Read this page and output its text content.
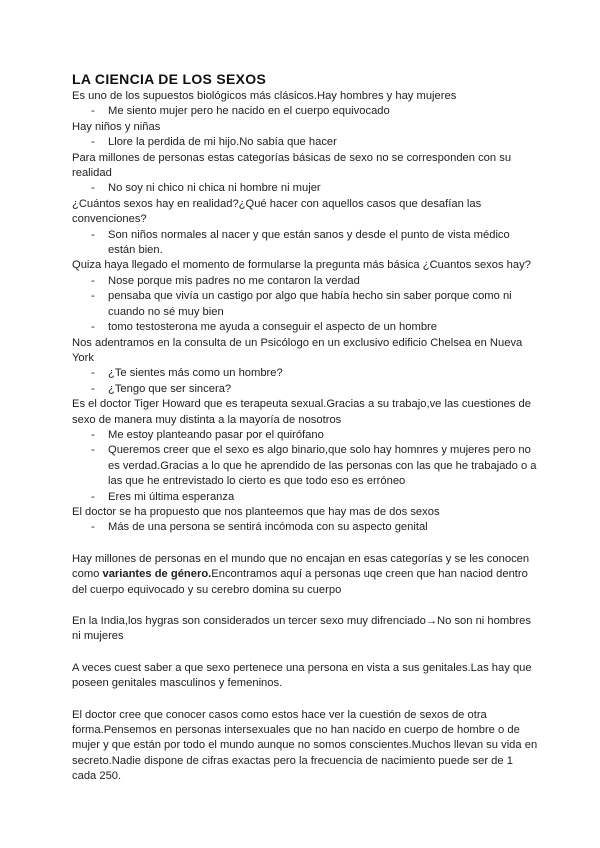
LA CIENCIA DE LOS SEXOS

Es uno de los supuestos biológicos más clásicos.Hay hombres y hay mujeres

- Me siento mujer pero he nacido en el cuerpo equivocado

Hay niños y niñas

- Llore la perdida de mi hijo.No sabía que hacer

Para millones de personas estas categorías básicas de sexo no se corresponden con su realidad

- No soy ni chico ni chica ni hombre ni mujer

¿Cuántos sexos hay en realidad?¿Qué hacer con aquellos casos que desafían las convenciones?

- Son niños normales al nacer y que están sanos y desde el punto de vista médico están bien.

Quiza haya llegado el momento de formularse la pregunta más básica ¿Cuantos sexos hay?

- Nose porque mis padres no me contaron la verdad
- pensaba que vivía un castigo por algo que había hecho sin saber porque como ni cuando no sé muy bien
- tomo testosterona me ayuda a conseguir el aspecto de un hombre

Nos adentramos en la consulta de un Psicólogo en un exclusivo edificio Chelsea en Nueva York

- ¿Te sientes más como un hombre?
- ¿Tengo que ser sincera?

Es el doctor Tiger Howard que es terapeuta sexual.Gracias a su trabajo,ve las cuestiones de sexo de manera muy distinta a la mayoría de nosotros

- Me estoy planteando pasar por el quirófano
- Queremos creer que el sexo es algo binario,que solo hay homnres y mujeres pero no es verdad.Gracias a lo que he aprendido de las personas con las que he trabajado o a las que he entrevistado lo cierto es que todo eso es erróneo
- Eres mi última esperanza

El doctor se ha propuesto que nos planteemos que hay mas de dos sexos

- Más de una persona se sentirá incómoda con su aspecto genital

Hay millones de personas en el mundo que no encajan en esas categorías y se les conocen como variantes de género.Encontramos aquí a personas uqe creen que han naciod dentro del cuerpo equivocado y su cerebro domina su cuerpo

En la India,los hygras son considerados un tercer sexo muy difrenciado→No son ni hombres ni mujeres

A veces cuest saber a que sexo pertenece una persona en vista a sus genitales.Las hay que poseen genitales masculinos y femeninos.

El doctor cree que conocer casos como estos hace ver la cuestión de sexos de otra forma.Pensemos en personas intersexuales que no han nacido en cuerpo de hombre o de mujer y que están por todo el mundo aunque no somos conscientes.Muchos llevan su vida en secreto.Nadie dispone de cifras exactas pero la frecuencia de nacimiento puede ser de 1 cada 250.
